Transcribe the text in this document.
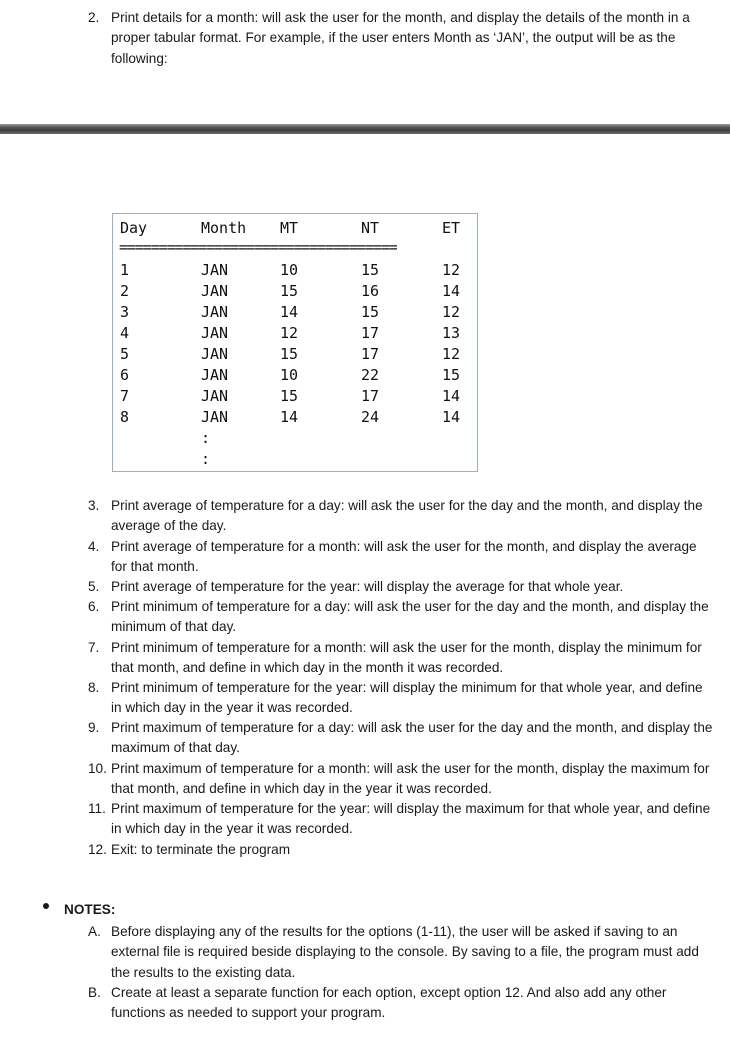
2. Print details for a month: will ask the user for the month, and display the details of the month in a proper tabular format. For example, if the user enters Month as ‘JAN’, the output will be as the following:
Day	Month MT	NT	ET
===================================
1	JAN	10	15	12
2	JAN	15	16	14
3	JAN	14	15	12
4	JAN	12	17	13
5	JAN	15	17	12
6	JAN	10	22	15
7	JAN	15	17	14
8	JAN	14	24	14
:
:
3. Print average of temperature for a day: will ask the user for the day and the month, and display the average of the day.
4. Print average of temperature for a month: will ask the user for the month, and display the average for that month.
5. Print average of temperature for the year: will display the average for that whole year.
6. Print minimum of temperature for a day: will ask the user for the day and the month, and display the minimum of that day.
7. Print minimum of temperature for a month: will ask the user for the month, display the minimum for that month, and define in which day in the month it was recorded.
8. Print minimum of temperature for the year: will display the minimum for that whole year, and define in which day in the year it was recorded.
9. Print maximum of temperature for a day: will ask the user for the day and the month, and display the maximum of that day.
10. Print maximum of temperature for a month: will ask the user for the month, display the maximum for that month, and define in which day in the year it was recorded.
11. Print maximum of temperature for the year: will display the maximum for that whole year, and define in which day in the year it was recorded.
12. Exit: to terminate the program
NOTES:
A. Before displaying any of the results for the options (1-11), the user will be asked if saving to an external file is required beside displaying to the console. By saving to a file, the program must add the results to the existing data.
B. Create at least a separate function for each option, except option 12. And also add any other functions as needed to support your program.
